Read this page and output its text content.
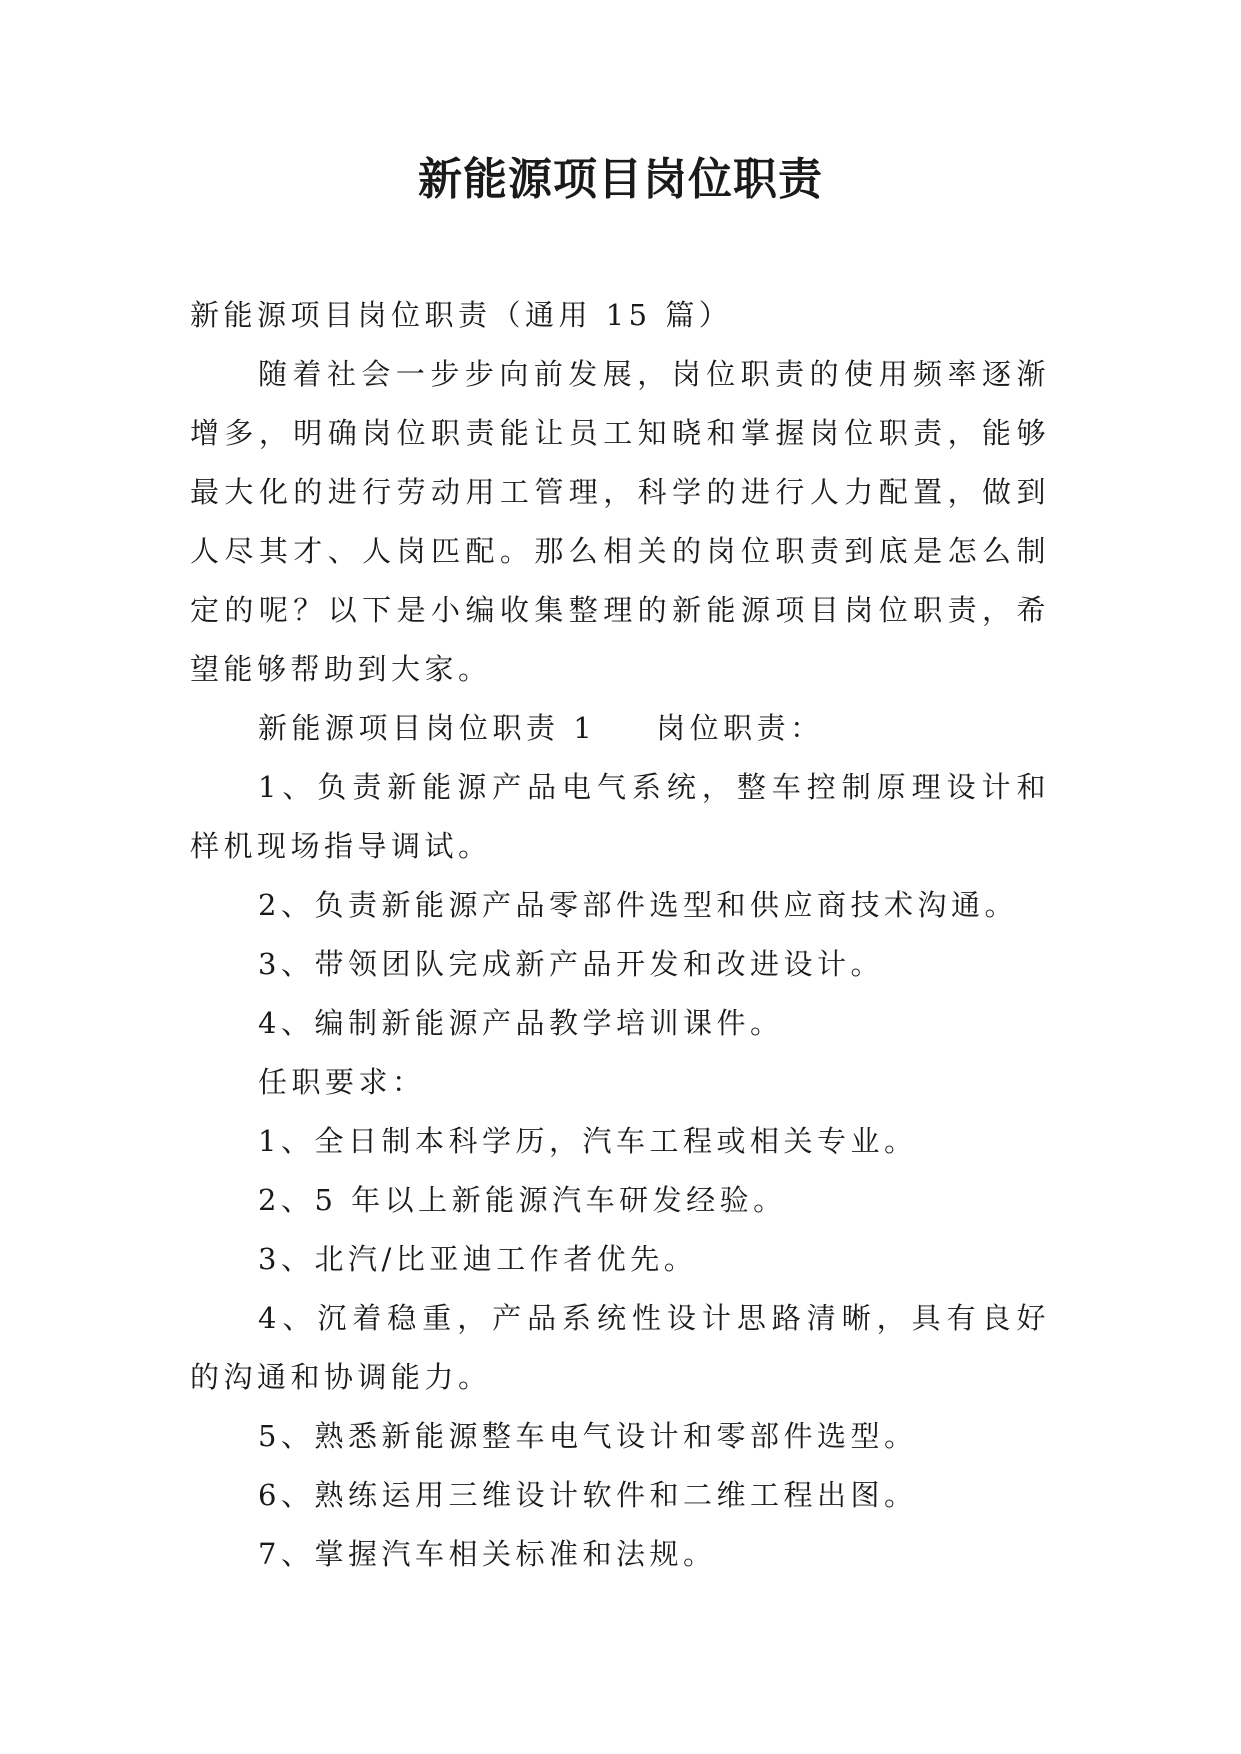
新能源项目岗位职责

新能源项目岗位职责（通用 15 篇）

随着社会一步步向前发展，岗位职责的使用频率逐渐增多，明确岗位职责能让员工知晓和掌握岗位职责，能够最大化的进行劳动用工管理，科学的进行人力配置，做到人尽其才、人岗匹配。那么相关的岗位职责到底是怎么制定的呢？以下是小编收集整理的新能源项目岗位职责，希望能够帮助到大家。

新能源项目岗位职责 1 岗位职责：

1、负责新能源产品电气系统，整车控制原理设计和样机现场指导调试。

2、负责新能源产品零部件选型和供应商技术沟通。

3、带领团队完成新产品开发和改进设计。

4、编制新能源产品教学培训课件。

任职要求：

1、全日制本科学历，汽车工程或相关专业。

2、5 年以上新能源汽车研发经验。

3、北汽/比亚迪工作者优先。

4、沉着稳重，产品系统性设计思路清晰，具有良好的沟通和协调能力。

5、熟悉新能源整车电气设计和零部件选型。

6、熟练运用三维设计软件和二维工程出图。

7、掌握汽车相关标准和法规。
